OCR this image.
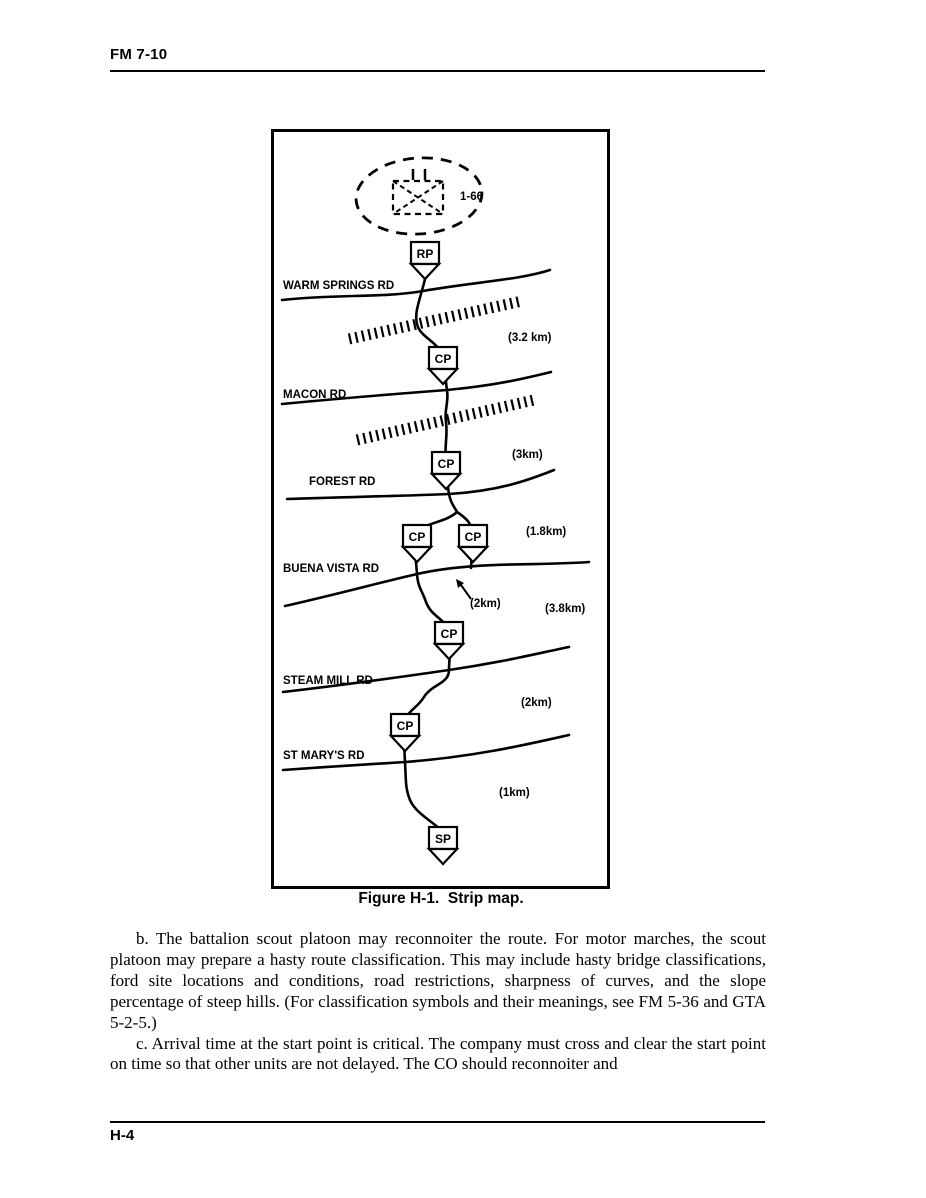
FM 7-10
1-66
RP
CP
CP
CP	CP
CP
CP
SP
WARM SPRINGS RD
MACON RD
FOREST RD
BUENA VISTA RD
STEAM MILL RD
ST MARY'S RD
(3.2 km)
(3km)
(1.8km)
(2km)	(3.8km)
(2km)
(1km)
Figure H-1.  Strip map.

b. The battalion scout platoon may reconnoiter the route. For motor marches, the scout platoon may prepare a hasty route classification. This may include hasty bridge classifications, ford site locations and conditions, road restrictions, sharpness of curves, and the slope percentage of steep hills. (For classification symbols and their meanings, see FM 5-36 and GTA 5-2-5.)

c. Arrival time at the start point is critical. The company must cross and clear the start point on time so that other units are not delayed. The CO should reconnoiter and

H-4
